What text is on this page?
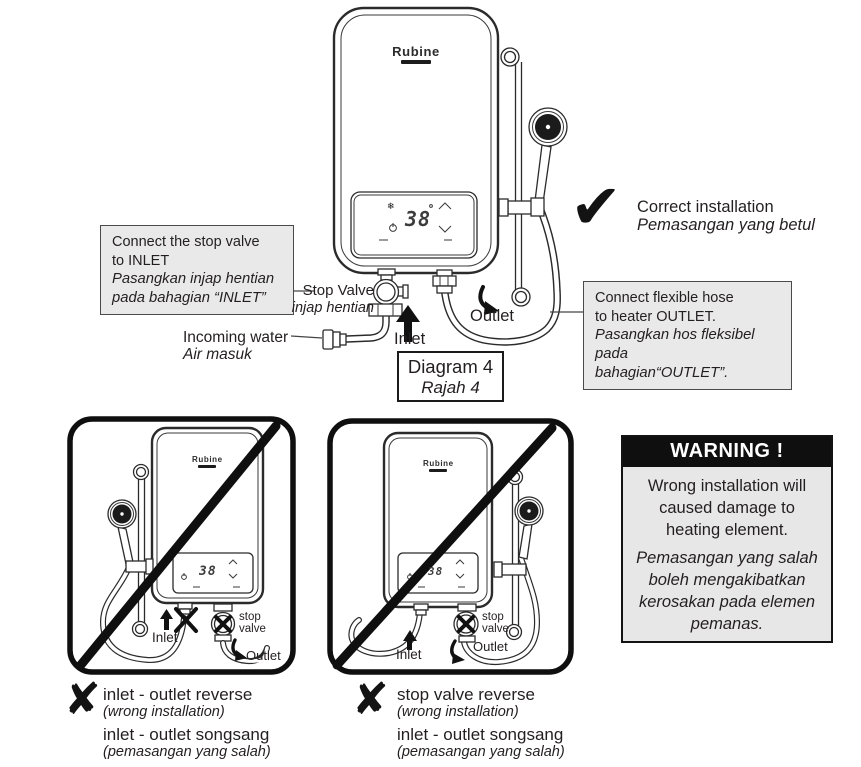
Rubine
38
❄
Connect the stop valve
to INLET
Pasangkan injap hentian
pada bahagian “INLET”	Stop Valve
injap hentian
Incoming water
Air masuk
Inlet
Outlet
✔ Correct installation
Pemasangan yang betul
Connect flexible hose
to heater OUTLET.
Pasangkan hos fleksibel pada
bahagian“OUTLET”.
Diagram 4
Rajah 4
Rubine
38
Rubine
38
Inlet
stop
valve
Outlet	Inlet
stop
valve
Outlet
✘ inlet - outlet reverse
(wrong installation)
inlet - outlet songsang
(pemasangan yang salah)
✘ stop valve reverse
(wrong installation)
inlet - outlet songsang
(pemasangan yang salah)
WARNING !
Wrong installation will
caused damage to
heating element.
Pemasangan yang salah
boleh mengakibatkan
kerosakan pada elemen
pemanas.
